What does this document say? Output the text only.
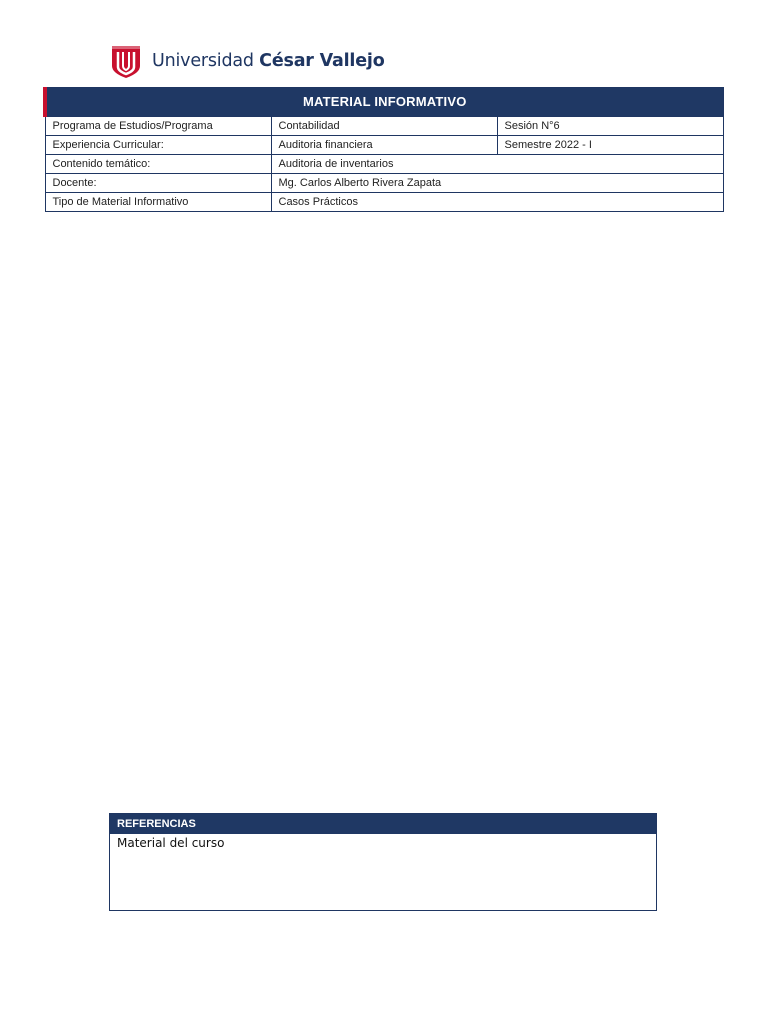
Universidad César Vallejo
MATERIAL INFORMATIVO		
Programa de Estudios/Programa	Contabilidad	Sesión N°6
Experiencia Curricular:	Auditoria financiera	Semestre 2022 - I
Contenido temático:	Auditoria de inventarios	
Docente:	Mg. Carlos Alberto Rivera Zapata	
Tipo de Material Informativo	Casos Prácticos	
REFERENCIAS
Material del curso
